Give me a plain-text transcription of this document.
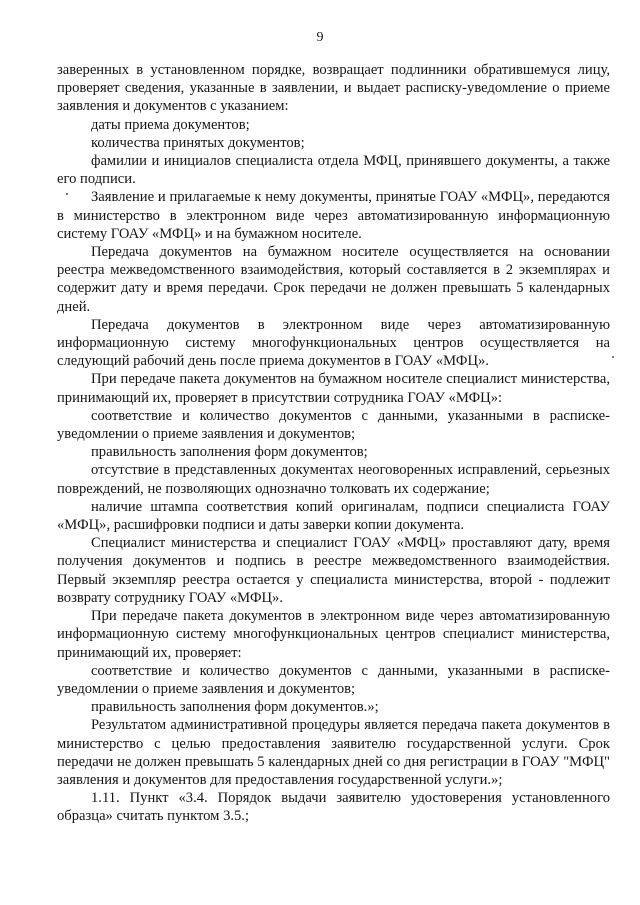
9

заверенных в установленном порядке, возвращает подлинники обратившемуся лицу, проверяет сведения, указанные в заявлении, и выдает расписку-уведомление о приеме заявления и документов с указанием:

даты приема документов;

количества принятых документов;

фамилии и инициалов специалиста отдела МФЦ, принявшего документы, а также его подписи.

Заявление и прилагаемые к нему документы, принятые ГОАУ «МФЦ», передаются в министерство в электронном виде через автоматизированную информационную систему ГОАУ «МФЦ» и на бумажном носителе.

Передача документов на бумажном носителе осуществляется на основании реестра межведомственного взаимодействия, который составляется в 2 экземплярах и содержит дату и время передачи. Срок передачи не должен превышать 5 календарных дней.

Передача документов в электронном виде через автоматизированную информационную систему многофункциональных центров осуществляется на следующий рабочий день после приема документов в ГОАУ «МФЦ».

При передаче пакета документов на бумажном носителе специалист министерства, принимающий их, проверяет в присутствии сотрудника ГОАУ «МФЦ»:

соответствие и количество документов с данными, указанными в расписке-уведомлении о приеме заявления и документов;

правильность заполнения форм документов;

отсутствие в представленных документах неоговоренных исправлений, серьезных повреждений, не позволяющих однозначно толковать их содержание;

наличие штампа соответствия копий оригиналам, подписи специалиста ГОАУ «МФЦ», расшифровки подписи и даты заверки копии документа.

Специалист министерства и специалист ГОАУ «МФЦ» проставляют дату, время получения документов и подпись в реестре межведомственного взаимодействия. Первый экземпляр реестра остается у специалиста министерства, второй - подлежит возврату сотруднику ГОАУ «МФЦ».

При передаче пакета документов в электронном виде через автоматизированную информационную систему многофункциональных центров специалист министерства, принимающий их, проверяет:

соответствие и количество документов с данными, указанными в расписке-уведомлении о приеме заявления и документов;

правильность заполнения форм документов.»;

Результатом административной процедуры является передача пакета документов в министерство с целью предоставления заявителю государственной услуги. Срок передачи не должен превышать 5 календарных дней со дня регистрации в ГОАУ "МФЦ" заявления и документов для предоставления государственной услуги.»;

1.11. Пункт «3.4. Порядок выдачи заявителю удостоверения установленного образца» считать пунктом 3.5.;
